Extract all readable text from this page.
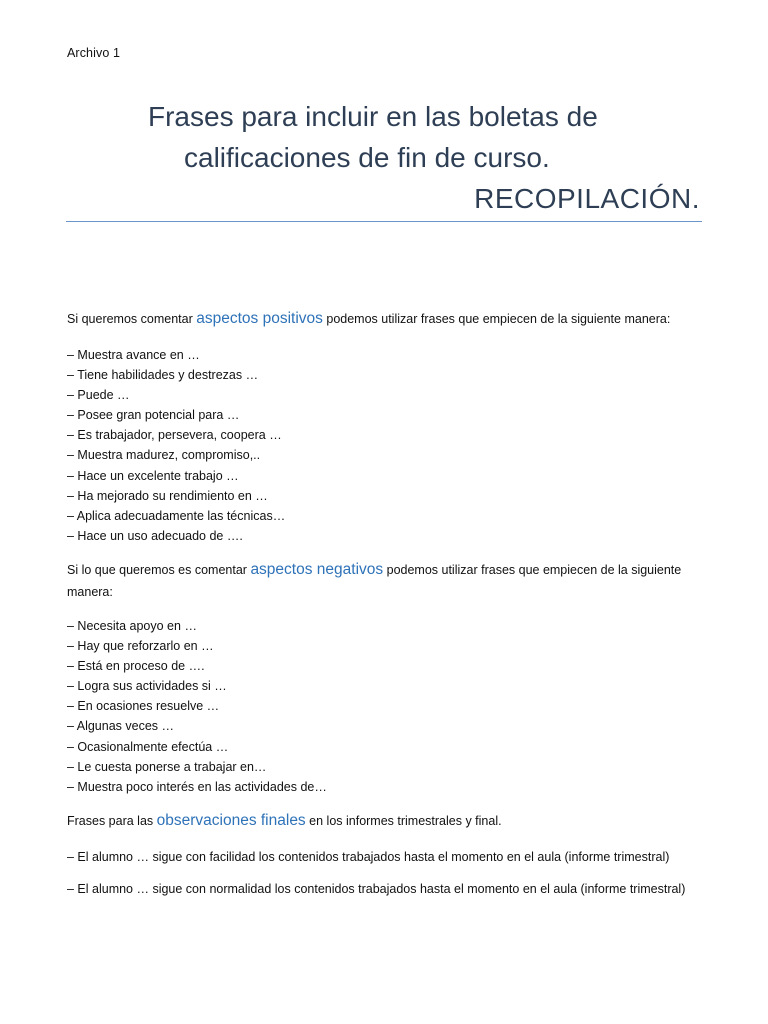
Archivo 1
Frases para incluir en las boletas de
calificaciones de fin de curso.
RECOPILACIÓN.

Si queremos comentar aspectos positivos podemos utilizar frases que empiecen de la siguiente manera:

– Muestra avance en …
– Tiene habilidades y destrezas …
– Puede …
– Posee gran potencial para …
– Es trabajador, persevera, coopera …
– Muestra madurez, compromiso,..
– Hace un excelente trabajo …
– Ha mejorado su rendimiento en …
– Aplica adecuadamente las técnicas…
– Hace un uso adecuado de ….

Si lo que queremos es comentar aspectos negativos podemos utilizar frases que empiecen de la siguiente
manera:

– Necesita apoyo en …
– Hay que reforzarlo en …
– Está en proceso de ….
– Logra sus actividades si …
– En ocasiones resuelve …
– Algunas veces …
– Ocasionalmente efectúa …
– Le cuesta ponerse a trabajar en…
– Muestra poco interés en las actividades de…

Frases para las observaciones finales en los informes trimestrales y final.

– El alumno … sigue con facilidad los contenidos trabajados hasta el momento en el aula (informe trimestral)

– El alumno … sigue con normalidad los contenidos trabajados hasta el momento en el aula (informe trimestral)
